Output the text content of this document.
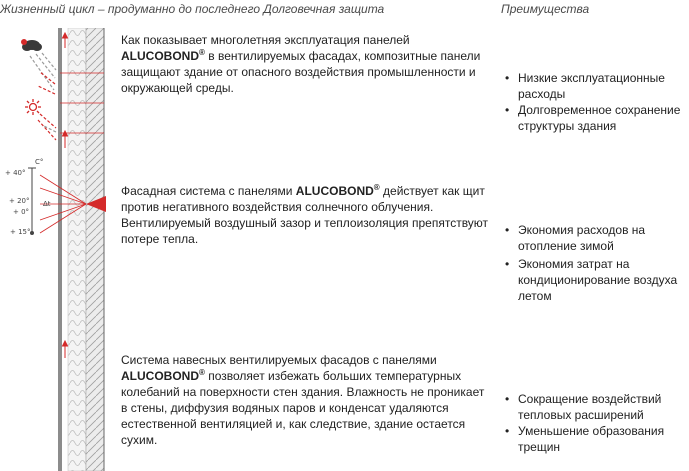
Жизненный цикл – продуманно до последнего Долговечная защита	Преимущества
C°
+ 40°
+ 20°
+ 0°
+ 15°
Δt
Как показывает многолетняя эксплуатация панелей ALUCOBOND® в вентилируемых фасадах, композитные панели защищают здание от опасного воздействия промышленности и окружающей среды.
Фасадная система с панелями ALUCOBOND® действует как щит против негативного воздействия солнечного облучения. Вентилируемый воздушный зазор и теплоизоляция препятствуют потере тепла.
Система навесных вентилируемых фасадов с панелями ALUCOBOND® позволяет избежать больших температурных колебаний на поверхности стен здания. Влажность не проникает в стены, диффузия водяных паров и конденсат удаляются естественной вентиляцией и, как следствие, здание остается сухим.
• Низкие эксплуатационные расходы
• Долговременное сохранение структуры здания
• Экономия расходов на отопление зимой
• Экономия затрат на кондиционирование воздуха летом
• Сокращение воздействий тепловых расширений
• Уменьшение образования трещин
